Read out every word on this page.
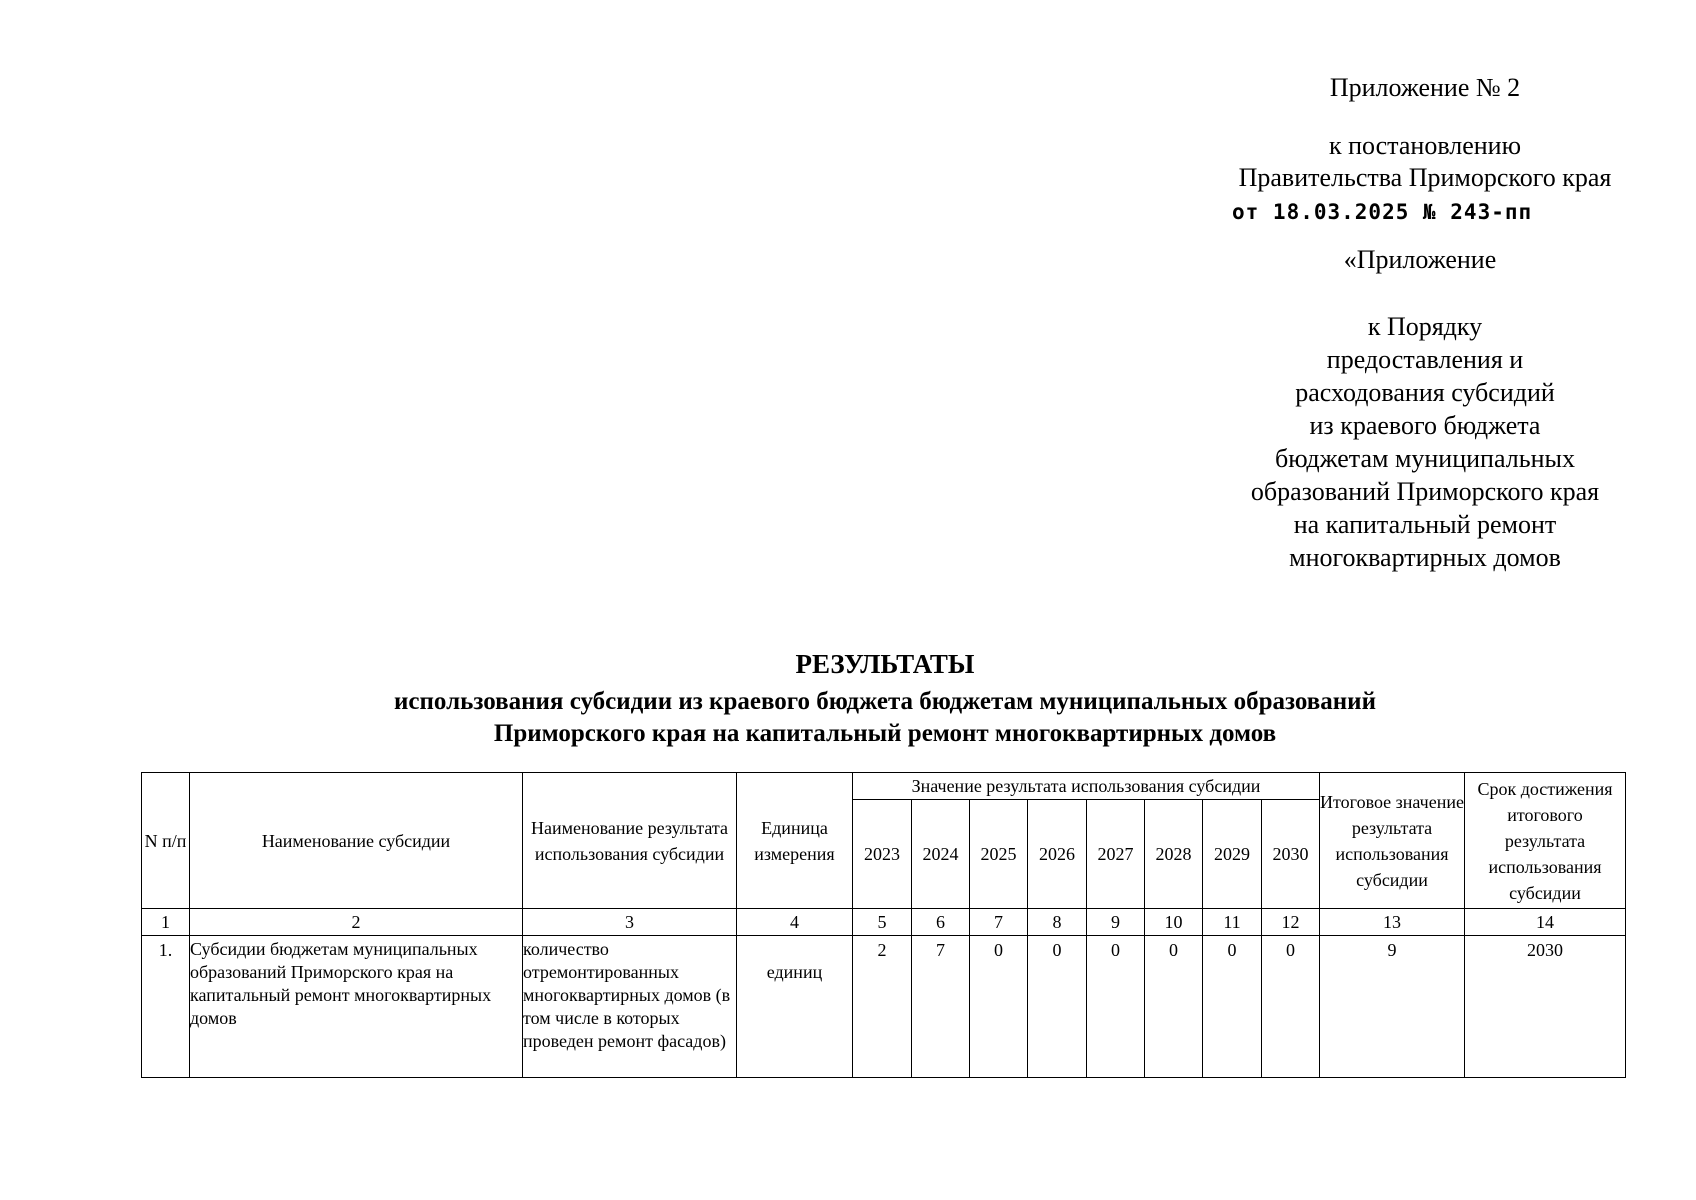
Приложение № 2
к постановлению
Правительства Приморского края
от 18.03.2025 № 243-пп
«Приложение
к Порядку
предоставления и
расходования субсидий
из краевого бюджета
бюджетам муниципальных
образований Приморского края
на капитальный ремонт
многоквартирных домов
РЕЗУЛЬТАТЫ
использования субсидии из краевого бюджета бюджетам муниципальных образований
Приморского края на капитальный ремонт многоквартирных домов
N п/п	Наименование субсидии	Наименование результата использования субсидии	Единица измерения	Значение результата использования субсидии								Итоговое значение результата использования субсидии	Срок достижения итогового результата использования субсидии
				2023	2024	2025	2026	2027	2028	2029	2030		
1	2	3	4	5	6	7	8	9	10	11	12	13	14
1.	Субсидии бюджетам муниципальных образований Приморского края на капитальный ремонт многоквартирных домов	количество отремонтированных многоквартирных домов (в том числе в которых проведен ремонт фасадов)	единиц	2	7	0	0	0	0	0	0	9	2030
